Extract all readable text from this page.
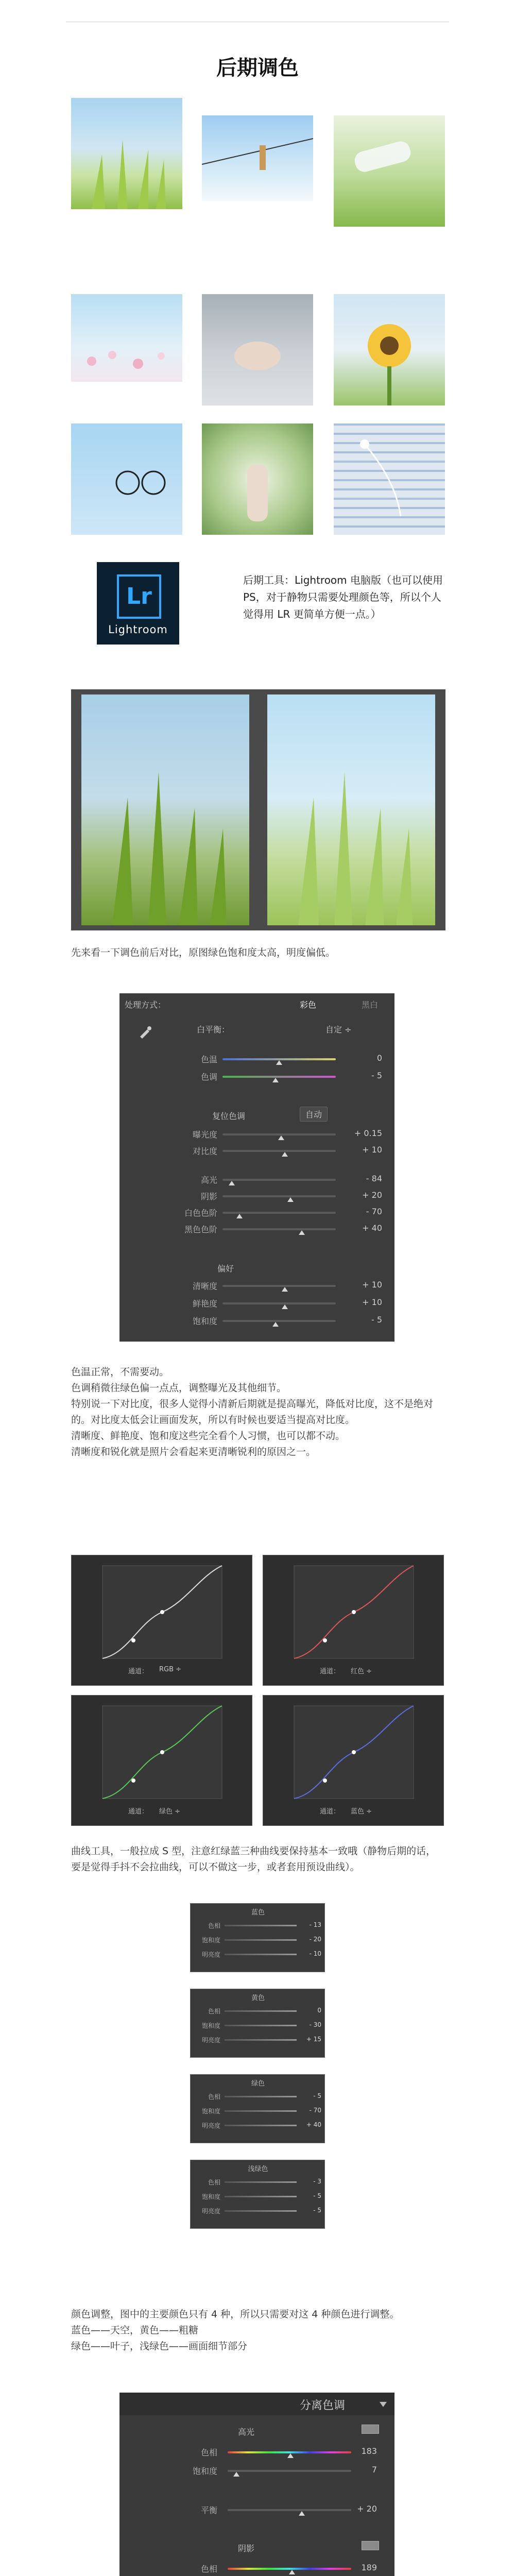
后期调色
Lr
Lightroom
后期工具：Lightroom 电脑版（也可以使用 PS，对于静物只需要处理颜色等，所以个人觉得用 LR 更简单方便一点。）
先来看一下调色前后对比，原图绿色饱和度太高，明度偏低。
处理方式：	彩色	黑白
白平衡：	自定 ÷
色温	0
色调	- 5
复位色调	自动
曝光度	+ 0.15
对比度	+ 10
高光	- 84
阴影	+ 20
白色色阶	- 70
黑色色阶	+ 40
偏好
清晰度	+ 10
鲜艳度	+ 10
饱和度	- 5
色温正常，不需要动。
色调稍微往绿色偏一点点，调整曝光及其他细节。
特别说一下对比度，很多人觉得小清新后期就是提高曝光，降低对比度，这不是绝对的。对比度太低会让画面发灰，所以有时候也要适当提高对比度。
清晰度、鲜艳度、饱和度这些完全看个人习惯，也可以都不动。
清晰度和锐化就是照片会看起来更清晰锐利的原因之一。
通道： RGB ÷	通道： 红色 ÷
通道： 绿色 ÷	通道： 蓝色 ÷
曲线工具，一般拉成 S 型，注意红绿蓝三种曲线要保持基本一致哦（静物后期的话，要是觉得手抖不会拉曲线，可以不做这一步，或者套用预设曲线）。
蓝色
色相	- 13
饱和度	- 20
明亮度	- 10
黄色
色相	0
饱和度	- 30
明亮度	+ 15
绿色
色相	- 5
饱和度	- 70
明亮度	+ 40
浅绿色
色相	- 3
饱和度	- 5
明亮度	- 5
颜色调整，图中的主要颜色只有 4 种，所以只需要对这 4 种颜色进行调整。
蓝色——天空，黄色——粗糖
绿色——叶子，浅绿色——画面细节部分
分离色调
高光
色相	183
饱和度	7
平衡	+ 20
阴影
色相	189
